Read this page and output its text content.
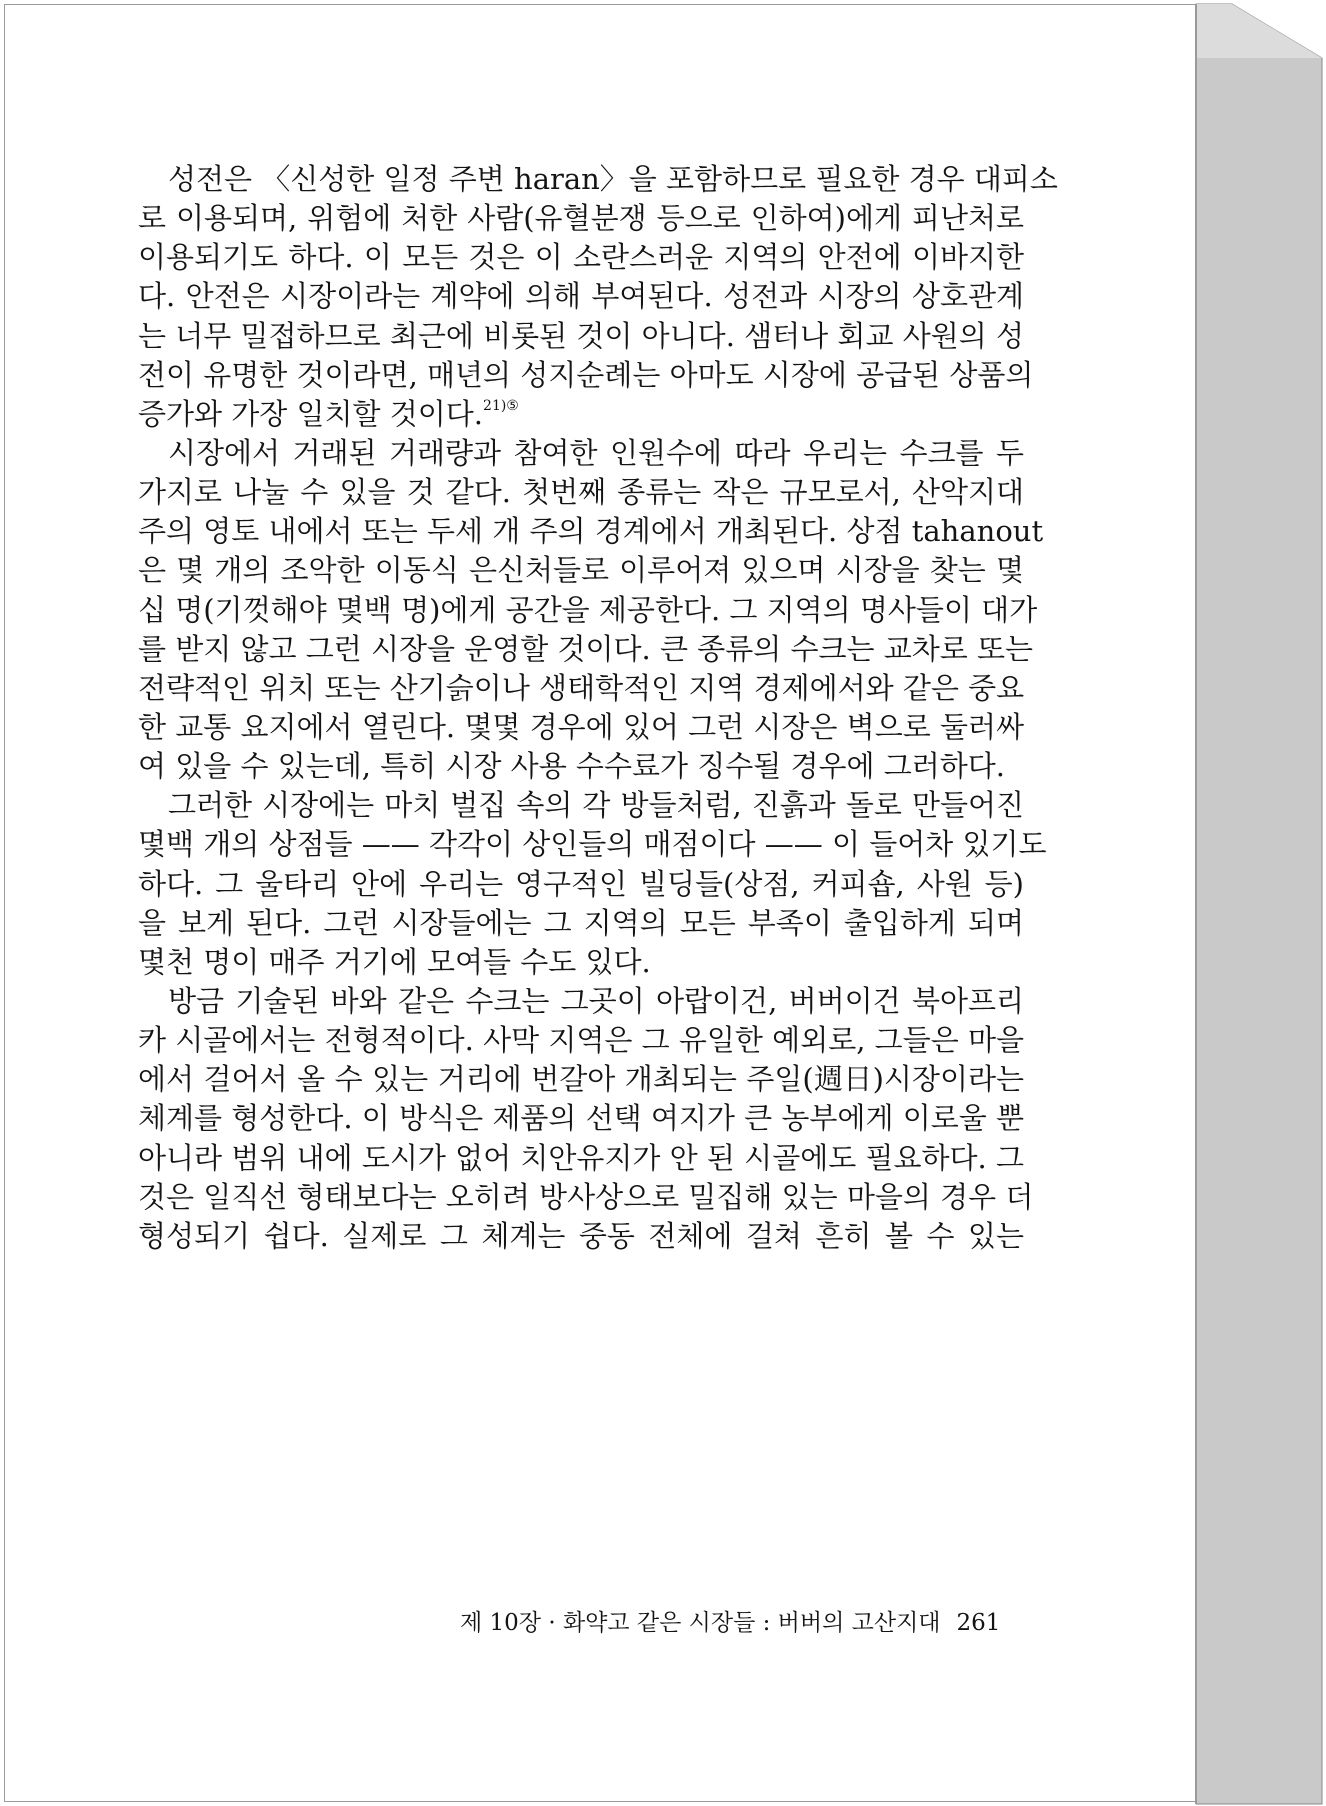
성전은 〈신성한 일정 주변 haran〉을 포함하므로 필요한 경우 대피소
로 이용되며, 위험에 처한 사람(유혈분쟁 등으로 인하여)에게 피난처로
이용되기도 하다. 이 모든 것은 이 소란스러운 지역의 안전에 이바지한
다. 안전은 시장이라는 계약에 의해 부여된다. 성전과 시장의 상호관계
는 너무 밀접하므로 최근에 비롯된 것이 아니다. 샘터나 회교 사원의 성
전이 유명한 것이라면, 매년의 성지순례는 아마도 시장에 공급된 상품의
증가와 가장 일치할 것이다.$^{21)⑤}$
시장에서 거래된 거래량과 참여한 인원수에 따라 우리는 수크를 두
가지로 나눌 수 있을 것 같다. 첫번째 종류는 작은 규모로서, 산악지대
주의 영토 내에서 또는 두세 개 주의 경계에서 개최된다. 상점 tahanout
은 몇 개의 조악한 이동식 은신처들로 이루어져 있으며 시장을 찾는 몇
십 명(기껏해야 몇백 명)에게 공간을 제공한다. 그 지역의 명사들이 대가
를 받지 않고 그런 시장을 운영할 것이다. 큰 종류의 수크는 교차로 또는
전략적인 위치 또는 산기슭이나 생태학적인 지역 경제에서와 같은 중요
한 교통 요지에서 열린다. 몇몇 경우에 있어 그런 시장은 벽으로 둘러싸
여 있을 수 있는데, 특히 시장 사용 수수료가 징수될 경우에 그러하다.
그러한 시장에는 마치 벌집 속의 각 방들처럼, 진흙과 돌로 만들어진
몇백 개의 상점들 —— 각각이 상인들의 매점이다 —— 이 들어차 있기도
하다. 그 울타리 안에 우리는 영구적인 빌딩들(상점, 커피숍, 사원 등)
을 보게 된다. 그런 시장들에는 그 지역의 모든 부족이 출입하게 되며
몇천 명이 매주 거기에 모여들 수도 있다.
방금 기술된 바와 같은 수크는 그곳이 아랍이건, 버버이건 북아프리
카 시골에서는 전형적이다. 사막 지역은 그 유일한 예외로, 그들은 마을
에서 걸어서 올 수 있는 거리에 번갈아 개최되는 주일(週日)시장이라는
체계를 형성한다. 이 방식은 제품의 선택 여지가 큰 농부에게 이로울 뿐
아니라 범위 내에 도시가 없어 치안유지가 안 된 시골에도 필요하다. 그
것은 일직선 형태보다는 오히려 방사상으로 밀집해 있는 마을의 경우 더
형성되기 쉽다. 실제로 그 체계는 중동 전체에 걸쳐 흔히 볼 수 있는
제 10장 · 화약고 같은 시장들 : 버버의 고산지대 261
